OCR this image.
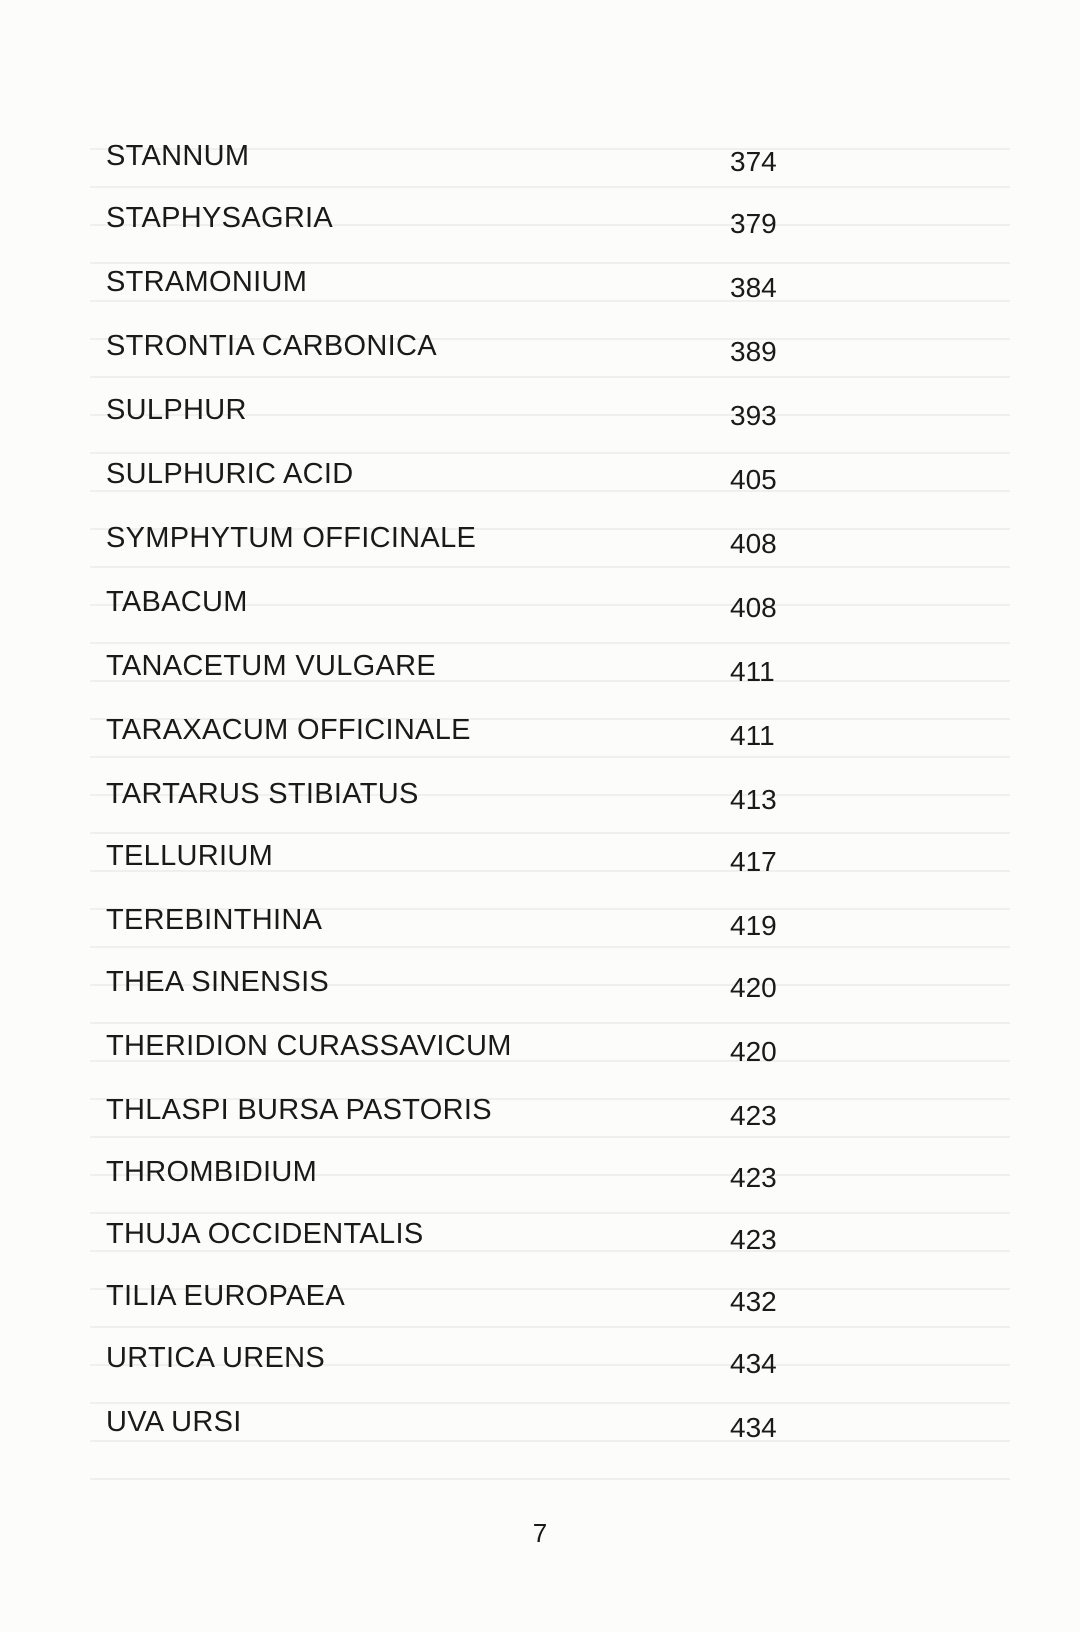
STANNUM	374
STAPHYSAGRIA	379
STRAMONIUM	384
STRONTIA CARBONICA	389
SULPHUR	393
SULPHURIC ACID	405
SYMPHYTUM OFFICINALE	408
TABACUM	408
TANACETUM VULGARE	411
TARAXACUM OFFICINALE	411
TARTARUS STIBIATUS	413
TELLURIUM	417
TEREBINTHINA	419
THEA SINENSIS	420
THERIDION CURASSAVICUM	420
THLASPI BURSA PASTORIS	423
THROMBIDIUM	423
THUJA OCCIDENTALIS	423
TILIA EUROPAEA	432
URTICA URENS	434
UVA URSI	434
7
